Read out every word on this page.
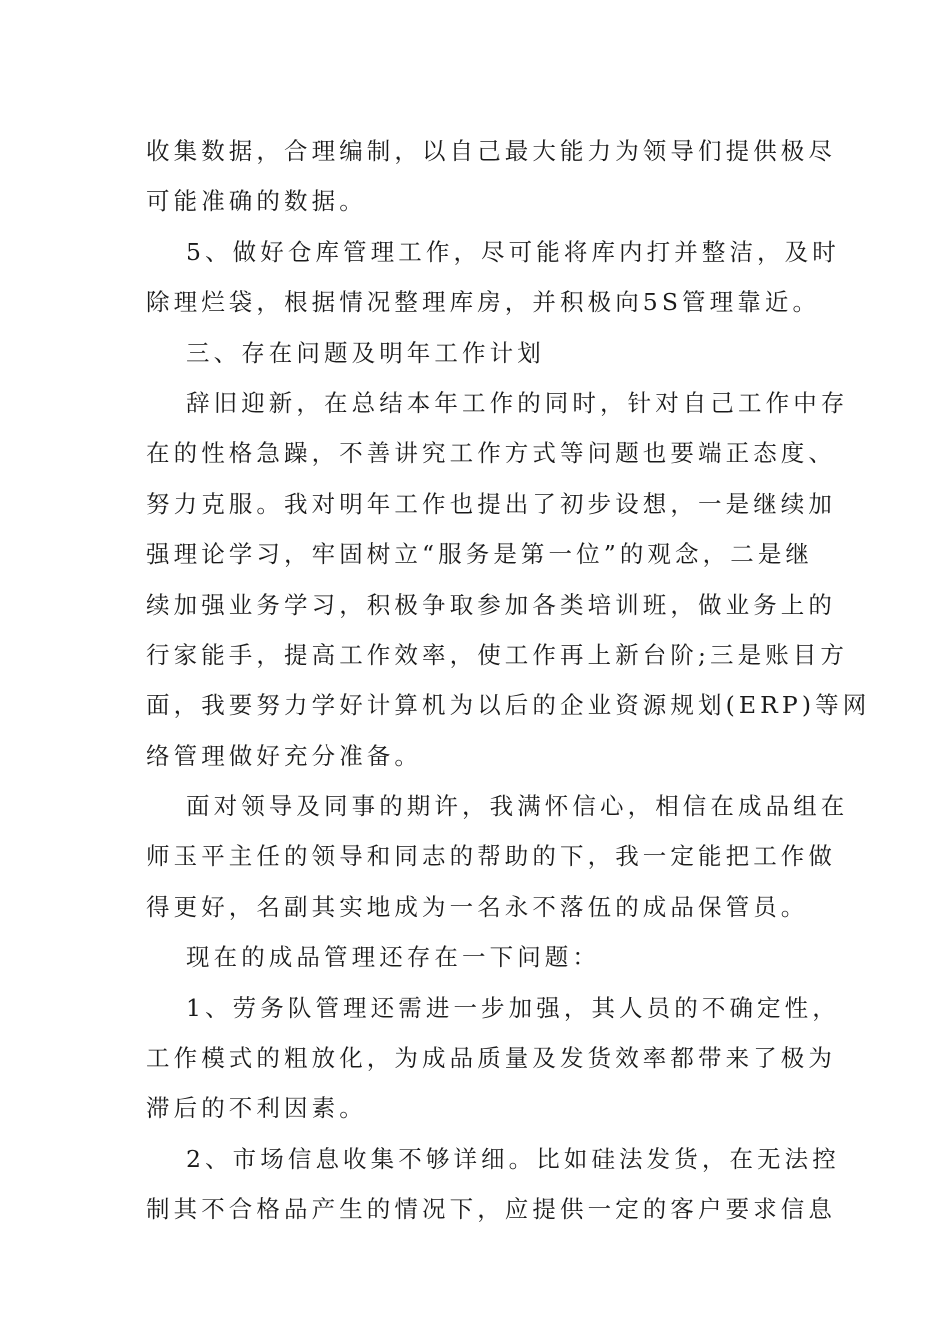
收集数据，合理编制，以自己最大能力为领导们提供极尽
可能准确的数据。
5、做好仓库管理工作，尽可能将库内打并整洁，及时
除理烂袋，根据情况整理库房，并积极向5S管理靠近。
三、存在问题及明年工作计划
辞旧迎新，在总结本年工作的同时，针对自己工作中存
在的性格急躁，不善讲究工作方式等问题也要端正态度、
努力克服。我对明年工作也提出了初步设想，一是继续加
强理论学习，牢固树立“服务是第一位”的观念，二是继
续加强业务学习，积极争取参加各类培训班，做业务上的
行家能手，提高工作效率，使工作再上新台阶;三是账目方
面，我要努力学好计算机为以后的企业资源规划(ERP)等网
络管理做好充分准备。
面对领导及同事的期许，我满怀信心，相信在成品组在
师玉平主任的领导和同志的帮助的下，我一定能把工作做
得更好，名副其实地成为一名永不落伍的成品保管员。
现在的成品管理还存在一下问题：
1、劳务队管理还需进一步加强，其人员的不确定性，
工作模式的粗放化，为成品质量及发货效率都带来了极为
滞后的不利因素。
2、市场信息收集不够详细。比如硅法发货，在无法控
制其不合格品产生的情况下，应提供一定的客户要求信息
